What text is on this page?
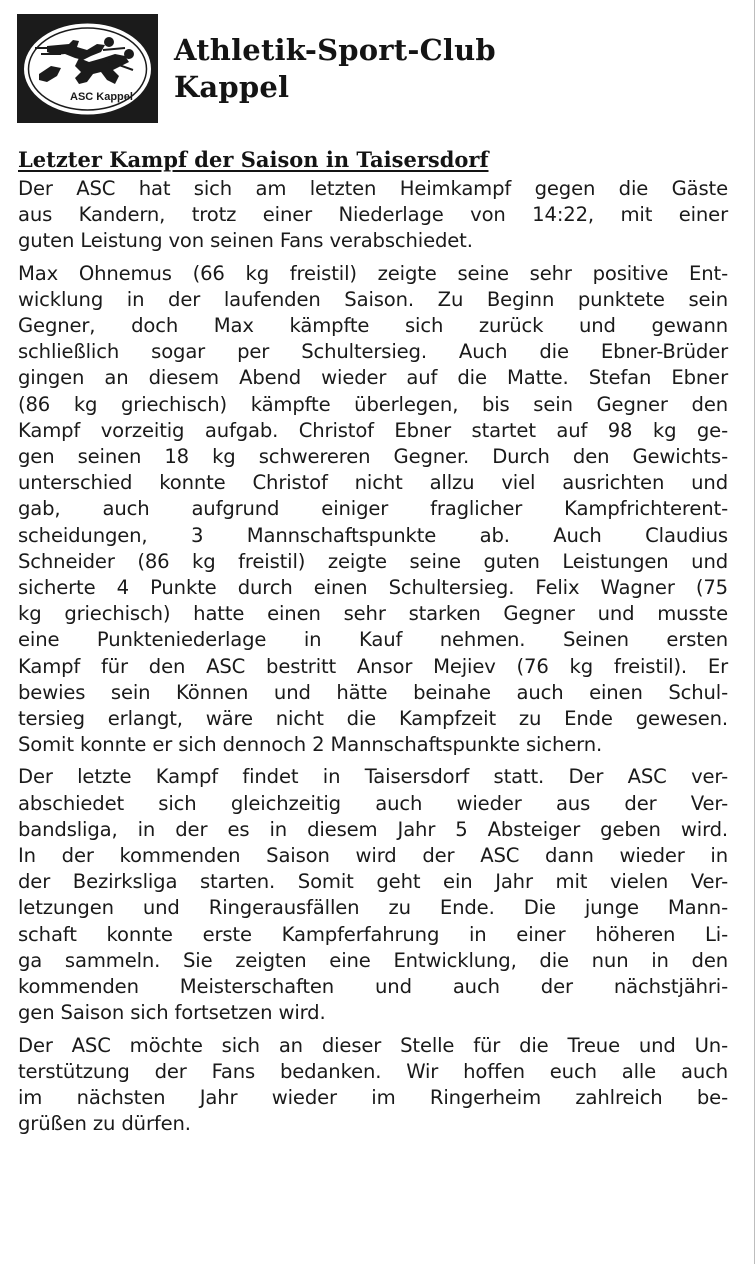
ASC Kappel
Athletik-Sport-Club
Kappel
Letzter Kampf der Saison in Taisersdorf
Der ASC hat sich am letzten Heimkampf gegen die Gäste
aus Kandern, trotz einer Niederlage von 14:22, mit einer
guten Leistung von seinen Fans verabschiedet.
Max Ohnemus (66 kg freistil) zeigte seine sehr positive Ent-
wicklung in der laufenden Saison. Zu Beginn punktete sein
Gegner, doch Max kämpfte sich zurück und gewann
schließlich sogar per Schultersieg. Auch die Ebner-Brüder
gingen an diesem Abend wieder auf die Matte. Stefan Ebner
(86 kg griechisch) kämpfte überlegen, bis sein Gegner den
Kampf vorzeitig aufgab. Christof Ebner startet auf 98 kg ge-
gen seinen 18 kg schwereren Gegner. Durch den Gewichts-
unterschied konnte Christof nicht allzu viel ausrichten und
gab, auch aufgrund einiger fraglicher Kampfrichterent-
scheidungen, 3 Mannschaftspunkte ab. Auch Claudius
Schneider (86 kg freistil) zeigte seine guten Leistungen und
sicherte 4 Punkte durch einen Schultersieg. Felix Wagner (75
kg griechisch) hatte einen sehr starken Gegner und musste
eine Punkteniederlage in Kauf nehmen. Seinen ersten
Kampf für den ASC bestritt Ansor Mejiev (76 kg freistil). Er
bewies sein Können und hätte beinahe auch einen Schul-
tersieg erlangt, wäre nicht die Kampfzeit zu Ende gewesen.
Somit konnte er sich dennoch 2 Mannschaftspunkte sichern.
Der letzte Kampf findet in Taisersdorf statt. Der ASC ver-
abschiedet sich gleichzeitig auch wieder aus der Ver-
bandsliga, in der es in diesem Jahr 5 Absteiger geben wird.
In der kommenden Saison wird der ASC dann wieder in
der Bezirksliga starten. Somit geht ein Jahr mit vielen Ver-
letzungen und Ringerausfällen zu Ende. Die junge Mann-
schaft konnte erste Kampferfahrung in einer höheren Li-
ga sammeln. Sie zeigten eine Entwicklung, die nun in den
kommenden Meisterschaften und auch der nächstjähri-
gen Saison sich fortsetzen wird.
Der ASC möchte sich an dieser Stelle für die Treue und Un-
terstützung der Fans bedanken. Wir hoffen euch alle auch
im nächsten Jahr wieder im Ringerheim zahlreich be-
grüßen zu dürfen.
